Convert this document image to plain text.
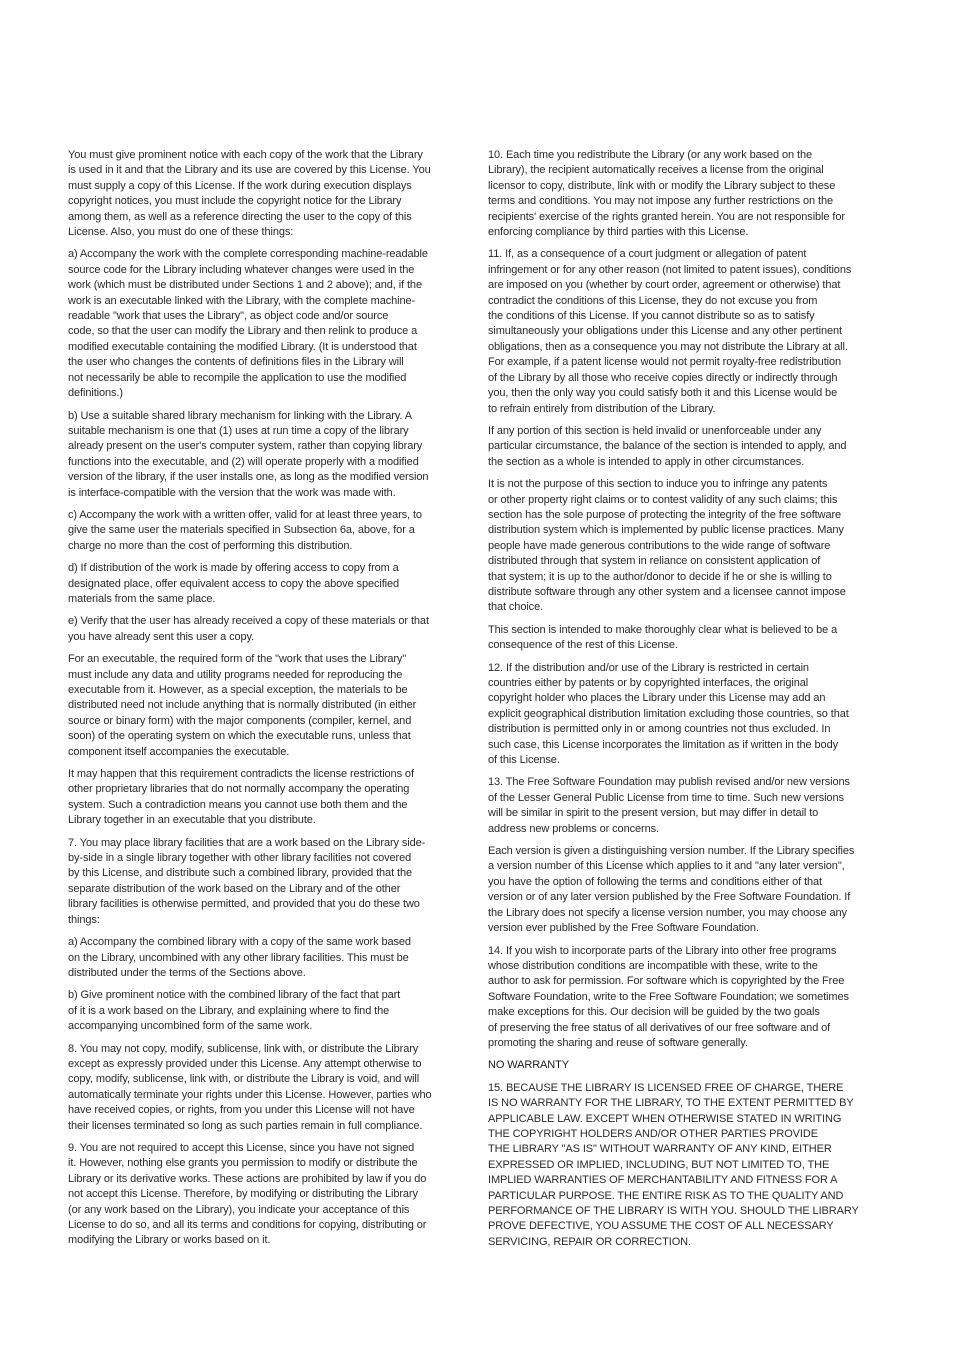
You must give prominent notice with each copy of the work that the Library
is used in it and that the Library and its use are covered by this License. You
must supply a copy of this License. If the work during execution displays
copyright notices, you must include the copyright notice for the Library
among them, as well as a reference directing the user to the copy of this
License. Also, you must do one of these things:

a) Accompany the work with the complete corresponding machine-readable
source code for the Library including whatever changes were used in the
work (which must be distributed under Sections 1 and 2 above); and, if the
work is an executable linked with the Library, with the complete machine-
readable "work that uses the Library", as object code and/or source
code, so that the user can modify the Library and then relink to produce a
modified executable containing the modified Library. (It is understood that
the user who changes the contents of definitions files in the Library will
not necessarily be able to recompile the application to use the modified
definitions.)

b) Use a suitable shared library mechanism for linking with the Library. A
suitable mechanism is one that (1) uses at run time a copy of the library
already present on the user's computer system, rather than copying library
functions into the executable, and (2) will operate properly with a modified
version of the library, if the user installs one, as long as the modified version
is interface-compatible with the version that the work was made with.

c) Accompany the work with a written offer, valid for at least three years, to
give the same user the materials specified in Subsection 6a, above, for a
charge no more than the cost of performing this distribution.

d) If distribution of the work is made by offering access to copy from a
designated place, offer equivalent access to copy the above specified
materials from the same place.

e) Verify that the user has already received a copy of these materials or that
you have already sent this user a copy.

For an executable, the required form of the "work that uses the Library"
must include any data and utility programs needed for reproducing the
executable from it. However, as a special exception, the materials to be
distributed need not include anything that is normally distributed (in either
source or binary form) with the major components (compiler, kernel, and
soon) of the operating system on which the executable runs, unless that
component itself accompanies the executable.

It may happen that this requirement contradicts the license restrictions of
other proprietary libraries that do not normally accompany the operating
system. Such a contradiction means you cannot use both them and the
Library together in an executable that you distribute.

7. You may place library facilities that are a work based on the Library side-
by-side in a single library together with other library facilities not covered
by this License, and distribute such a combined library, provided that the
separate distribution of the work based on the Library and of the other
library facilities is otherwise permitted, and provided that you do these two
things:

a) Accompany the combined library with a copy of the same work based
on the Library, uncombined with any other library facilities. This must be
distributed under the terms of the Sections above.

b) Give prominent notice with the combined library of the fact that part
of it is a work based on the Library, and explaining where to find the
accompanying uncombined form of the same work.

8. You may not copy, modify, sublicense, link with, or distribute the Library
except as expressly provided under this License. Any attempt otherwise to
copy, modify, sublicense, link with, or distribute the Library is void, and will
automatically terminate your rights under this License. However, parties who
have received copies, or rights, from you under this License will not have
their licenses terminated so long as such parties remain in full compliance.

9. You are not required to accept this License, since you have not signed
it. However, nothing else grants you permission to modify or distribute the
Library or its derivative works. These actions are prohibited by law if you do
not accept this License. Therefore, by modifying or distributing the Library
(or any work based on the Library), you indicate your acceptance of this
License to do so, and all its terms and conditions for copying, distributing or
modifying the Library or works based on it.

10. Each time you redistribute the Library (or any work based on the
Library), the recipient automatically receives a license from the original
licensor to copy, distribute, link with or modify the Library subject to these
terms and conditions. You may not impose any further restrictions on the
recipients' exercise of the rights granted herein. You are not responsible for
enforcing compliance by third parties with this License.

11. If, as a consequence of a court judgment or allegation of patent
infringement or for any other reason (not limited to patent issues), conditions
are imposed on you (whether by court order, agreement or otherwise) that
contradict the conditions of this License, they do not excuse you from
the conditions of this License. If you cannot distribute so as to satisfy
simultaneously your obligations under this License and any other pertinent
obligations, then as a consequence you may not distribute the Library at all.
For example, if a patent license would not permit royalty-free redistribution
of the Library by all those who receive copies directly or indirectly through
you, then the only way you could satisfy both it and this License would be
to refrain entirely from distribution of the Library.

If any portion of this section is held invalid or unenforceable under any
particular circumstance, the balance of the section is intended to apply, and
the section as a whole is intended to apply in other circumstances.

It is not the purpose of this section to induce you to infringe any patents
or other property right claims or to contest validity of any such claims; this
section has the sole purpose of protecting the integrity of the free software
distribution system which is implemented by public license practices. Many
people have made generous contributions to the wide range of software
distributed through that system in reliance on consistent application of
that system; it is up to the author/donor to decide if he or she is willing to
distribute software through any other system and a licensee cannot impose
that choice.

This section is intended to make thoroughly clear what is believed to be a
consequence of the rest of this License.

12. If the distribution and/or use of the Library is restricted in certain
countries either by patents or by copyrighted interfaces, the original
copyright holder who places the Library under this License may add an
explicit geographical distribution limitation excluding those countries, so that
distribution is permitted only in or among countries not thus excluded. In
such case, this License incorporates the limitation as if written in the body
of this License.

13. The Free Software Foundation may publish revised and/or new versions
of the Lesser General Public License from time to time. Such new versions
will be similar in spirit to the present version, but may differ in detail to
address new problems or concerns.

Each version is given a distinguishing version number. If the Library specifies
a version number of this License which applies to it and "any later version",
you have the option of following the terms and conditions either of that
version or of any later version published by the Free Software Foundation. If
the Library does not specify a license version number, you may choose any
version ever published by the Free Software Foundation.

14. If you wish to incorporate parts of the Library into other free programs
whose distribution conditions are incompatible with these, write to the
author to ask for permission. For software which is copyrighted by the Free
Software Foundation, write to the Free Software Foundation; we sometimes
make exceptions for this. Our decision will be guided by the two goals
of preserving the free status of all derivatives of our free software and of
promoting the sharing and reuse of software generally.

NO WARRANTY

15. BECAUSE THE LIBRARY IS LICENSED FREE OF CHARGE, THERE
IS NO WARRANTY FOR THE LIBRARY, TO THE EXTENT PERMITTED BY
APPLICABLE LAW. EXCEPT WHEN OTHERWISE STATED IN WRITING
THE COPYRIGHT HOLDERS AND/OR OTHER PARTIES PROVIDE
THE LIBRARY "AS IS" WITHOUT WARRANTY OF ANY KIND, EITHER
EXPRESSED OR IMPLIED, INCLUDING, BUT NOT LIMITED TO, THE
IMPLIED WARRANTIES OF MERCHANTABILITY AND FITNESS FOR A
PARTICULAR PURPOSE. THE ENTIRE RISK AS TO THE QUALITY AND
PERFORMANCE OF THE LIBRARY IS WITH YOU. SHOULD THE LIBRARY
PROVE DEFECTIVE, YOU ASSUME THE COST OF ALL NECESSARY
SERVICING, REPAIR OR CORRECTION.
